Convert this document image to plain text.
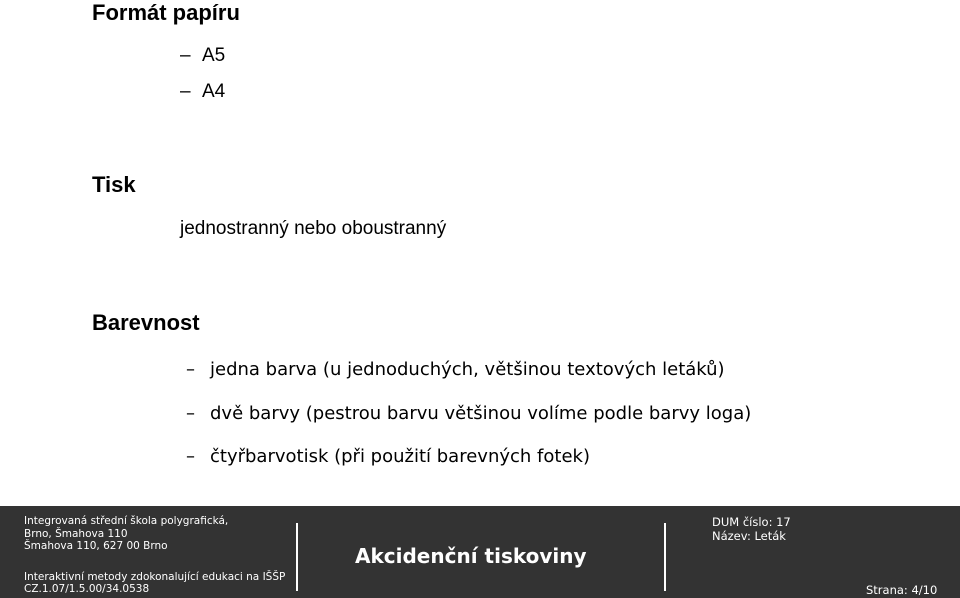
Formát papíru
– A5
– A4
Tisk
jednostranný nebo oboustranný
Barevnost
– jedna barva (u jednoduchých, většinou textových letáků)
– dvě barvy (pestrou barvu většinou volíme podle barvy loga)
– čtyřbarvotisk (při použití barevných fotek)
Integrovaná střední škola polygrafická,
Brno, Šmahova 110
Šmahova 110, 627 00 Brno
Interaktivní metody zdokonalující edukaci na IŠŠP
CZ.1.07/1.5.00/34.0538
Akcidenční tiskoviny
DUM číslo: 17
Název: Leták
Strana: 4/10
